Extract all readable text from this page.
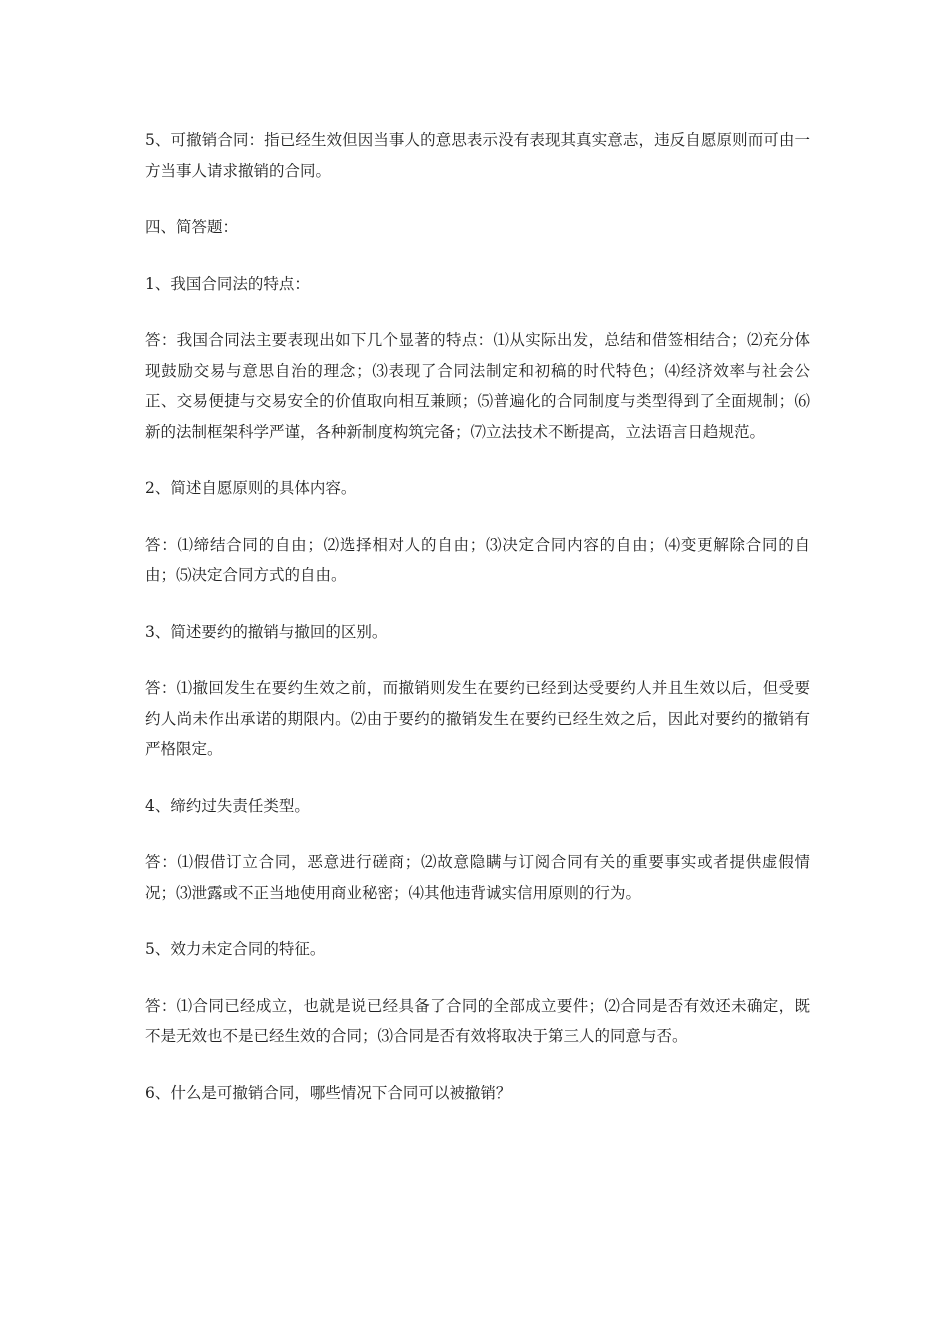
5、可撤销合同：指已经生效但因当事人的意思表示没有表现其真实意志，违反自愿原则而可由一方当事人请求撤销的合同。

四、简答题：

1、我国合同法的特点：

答：我国合同法主要表现出如下几个显著的特点：⑴从实际出发，总结和借签相结合；⑵充分体现鼓励交易与意思自治的理念；⑶表现了合同法制定和初稿的时代特色；⑷经济效率与社会公正、交易便捷与交易安全的价值取向相互兼顾；⑸普遍化的合同制度与类型得到了全面规制；⑹新的法制框架科学严谨，各种新制度构筑完备；⑺立法技术不断提高，立法语言日趋规范。

2、简述自愿原则的具体内容。

答：⑴缔结合同的自由；⑵选择相对人的自由；⑶决定合同内容的自由；⑷变更解除合同的自由；⑸决定合同方式的自由。

3、简述要约的撤销与撤回的区别。

答：⑴撤回发生在要约生效之前，而撤销则发生在要约已经到达受要约人并且生效以后，但受要约人尚未作出承诺的期限内。⑵由于要约的撤销发生在要约已经生效之后，因此对要约的撤销有严格限定。

4、缔约过失责任类型。

答：⑴假借订立合同，恶意进行磋商；⑵故意隐瞒与订阅合同有关的重要事实或者提供虚假情况；⑶泄露或不正当地使用商业秘密；⑷其他违背诚实信用原则的行为。

5、效力未定合同的特征。

答：⑴合同已经成立，也就是说已经具备了合同的全部成立要件；⑵合同是否有效还未确定，既不是无效也不是已经生效的合同；⑶合同是否有效将取决于第三人的同意与否。

6、什么是可撤销合同，哪些情况下合同可以被撤销？
